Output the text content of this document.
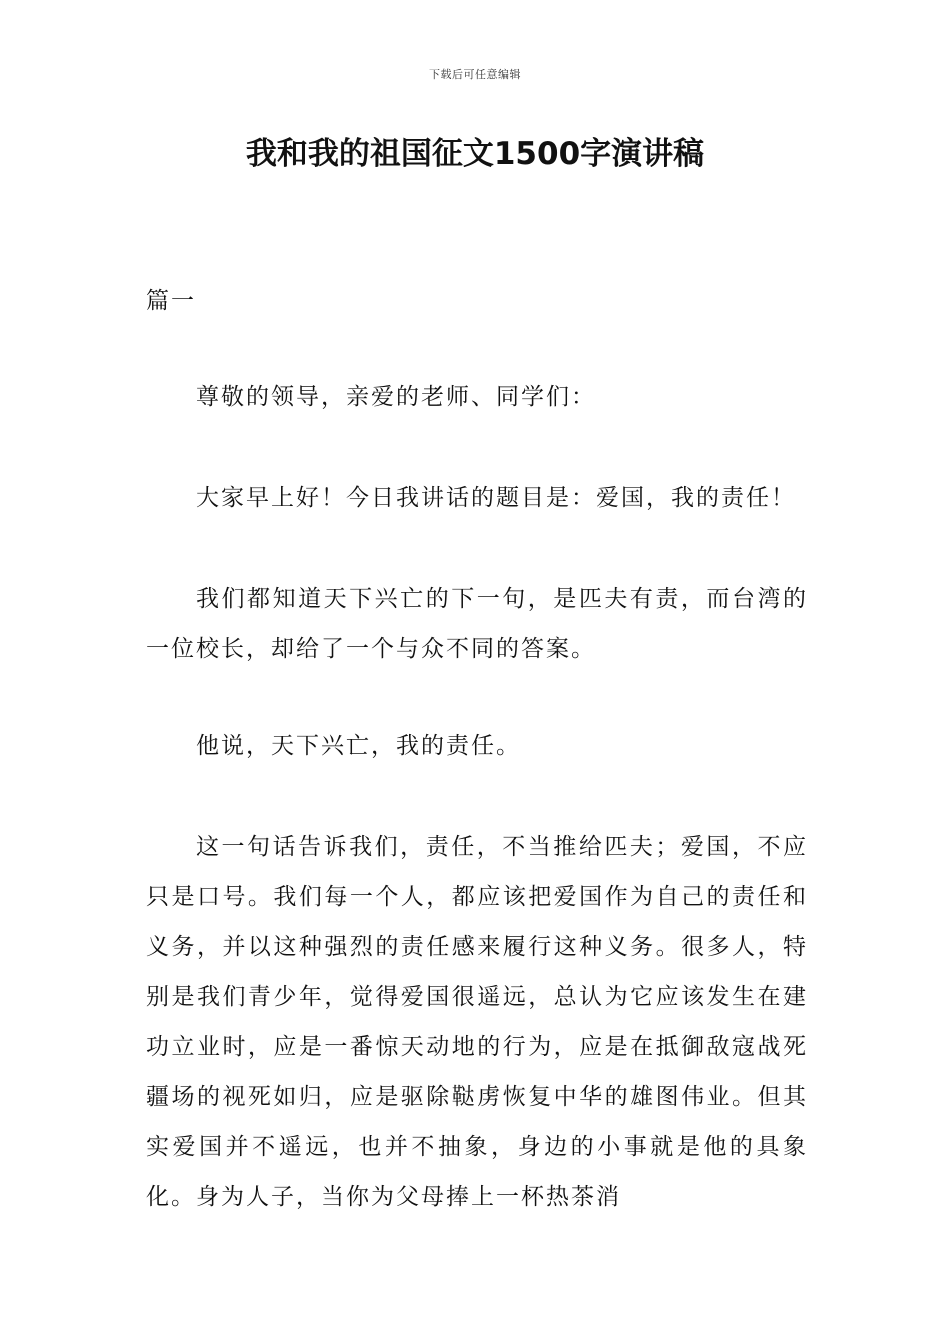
下载后可任意编辑
我和我的祖国征文1500字演讲稿

篇一

尊敬的领导，亲爱的老师、同学们：

大家早上好！今日我讲话的题目是：爱国，我的责任！

我们都知道天下兴亡的下一句，是匹夫有责，而台湾的一位校长，却给了一个与众不同的答案。

他说，天下兴亡，我的责任。

这一句话告诉我们，责任，不当推给匹夫；爱国，不应只是口号。我们每一个人，都应该把爱国作为自己的责任和义务，并以这种强烈的责任感来履行这种义务。很多人，特别是我们青少年，觉得爱国很遥远，总认为它应该发生在建功立业时，应是一番惊天动地的行为，应是在抵御敌寇战死疆场的视死如归，应是驱除鞑虏恢复中华的雄图伟业。但其实爱国并不遥远，也并不抽象，身边的小事就是他的具象化。身为人子，当你为父母捧上一杯热茶消
